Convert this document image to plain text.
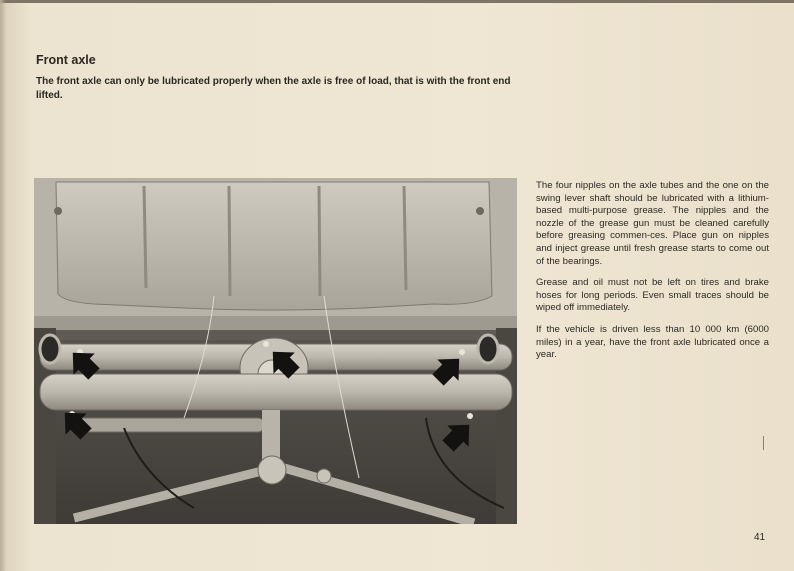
Front axle
The front axle can only be lubricated properly when the axle is free of load, that is with the front end lifted.

The four nipples on the axle tubes and the one on the swing lever shaft should be lubricated with a lithium-based multi-purpose grease. The nipples and the nozzle of the grease gun must be cleaned carefully before greasing commen-ces. Place gun on nipples and inject grease until fresh grease starts to come out of the bearings.

Grease and oil must not be left on tires and brake hoses for long periods. Even small traces should be wiped off immediately.

If the vehicle is driven less than 10 000 km (6000 miles) in a year, have the front axle lubricated once a year.

41
